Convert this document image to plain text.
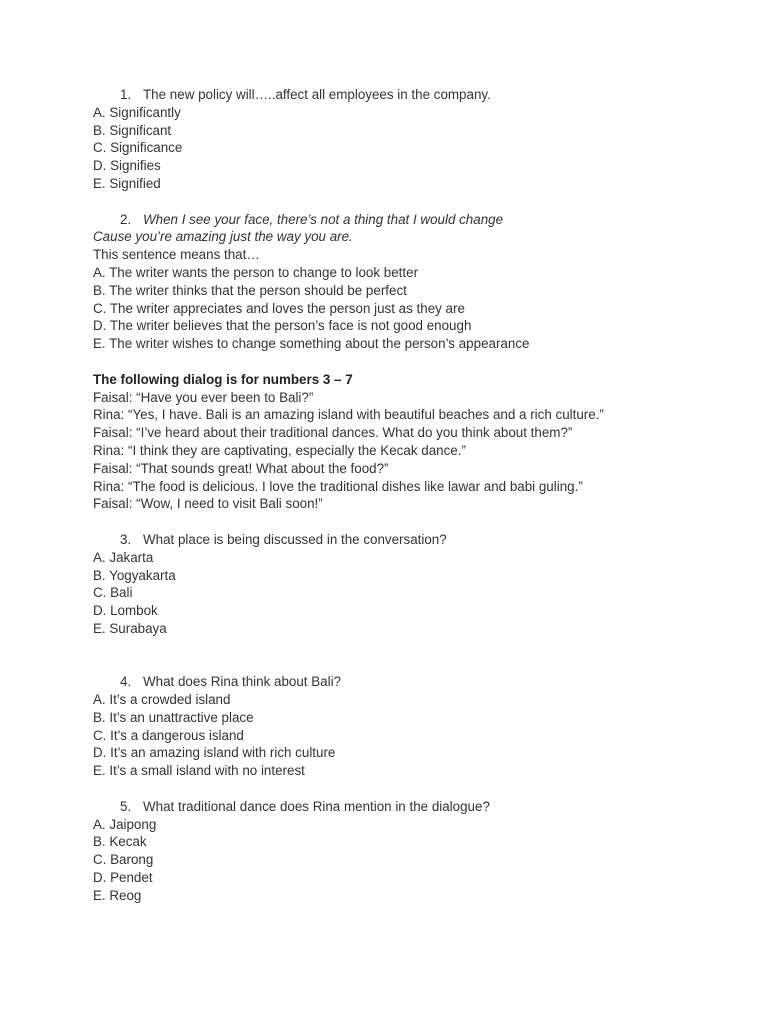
1. The new policy will…..affect all employees in the company.
A. Significantly
B. Significant
C. Significance
D. Signifies
E. Signified
2. When I see your face, there’s not a thing that I would change
Cause you’re amazing just the way you are.
This sentence means that…
A. The writer wants the person to change to look better
B. The writer thinks that the person should be perfect
C. The writer appreciates and loves the person just as they are
D. The writer believes that the person’s face is not good enough
E. The writer wishes to change something about the person’s appearance
The following dialog is for numbers 3 – 7
Faisal: “Have you ever been to Bali?”
Rina: “Yes, I have. Bali is an amazing island with beautiful beaches and a rich culture.”
Faisal: “I’ve heard about their traditional dances. What do you think about them?”
Rina: “I think they are captivating, especially the Kecak dance.”
Faisal: “That sounds great! What about the food?”
Rina: “The food is delicious. I love the traditional dishes like lawar and babi guling.”
Faisal: “Wow, I need to visit Bali soon!”
3. What place is being discussed in the conversation?
A. Jakarta
B. Yogyakarta
C. Bali
D. Lombok
E. Surabaya
4. What does Rina think about Bali?
A. It’s a crowded island
B. It’s an unattractive place
C. It’s a dangerous island
D. It’s an amazing island with rich culture
E. It’s a small island with no interest
5. What traditional dance does Rina mention in the dialogue?
A. Jaipong
B. Kecak
C. Barong
D. Pendet
E. Reog
